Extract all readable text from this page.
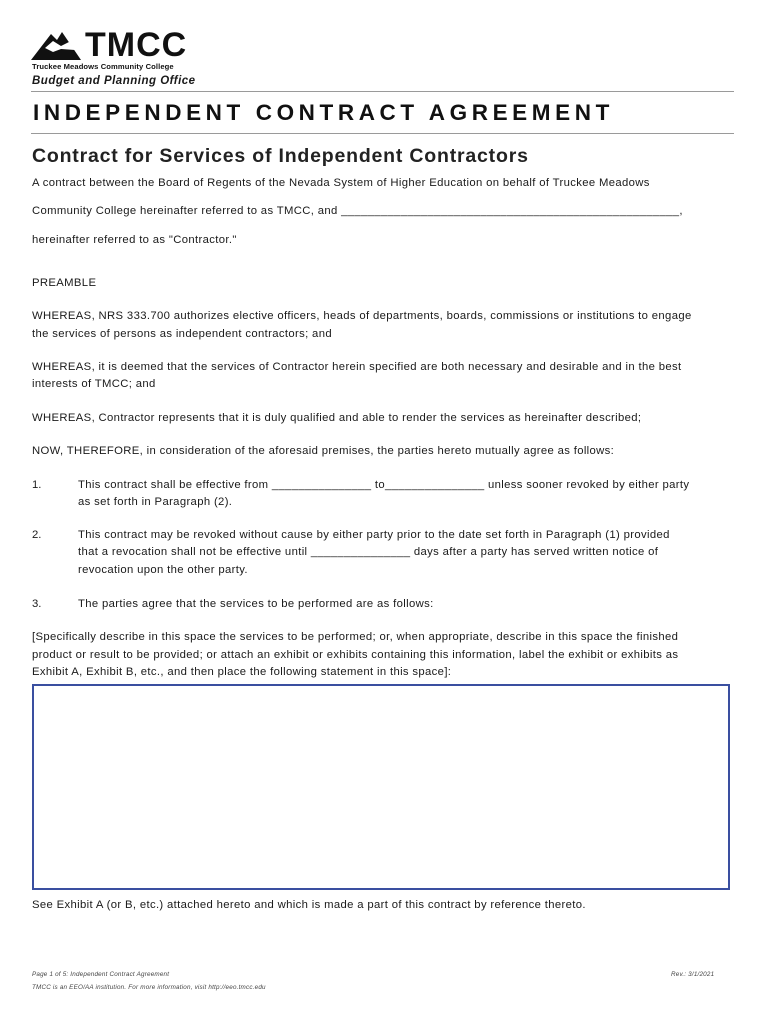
TMCC
Truckee Meadows Community College
Budget and Planning Office
INDEPENDENT CONTRACT AGREEMENT
Contract for Services of Independent Contractors
A contract between the Board of Regents of the Nevada System of Higher Education on behalf of Truckee Meadows
Community College hereinafter referred to as TMCC, and ___________________________________________________,
hereinafter referred to as "Contractor."
PREAMBLE
WHEREAS, NRS 333.700 authorizes elective officers, heads of departments, boards, commissions or institutions to engage
the services of persons as independent contractors; and
WHEREAS, it is deemed that the services of Contractor herein specified are both necessary and desirable and in the best
interests of TMCC; and
WHEREAS, Contractor represents that it is duly qualified and able to render the services as hereinafter described;
NOW, THEREFORE, in consideration of the aforesaid premises, the parties hereto mutually agree as follows:
1.	This contract shall be effective from _______________ to_______________ unless sooner revoked by either party
as set forth in Paragraph (2).
2.	This contract may be revoked without cause by either party prior to the date set forth in Paragraph (1) provided
that a revocation shall not be effective until _______________ days after a party has served written notice of
revocation upon the other party.
3.	The parties agree that the services to be performed are as follows:
[Specifically describe in this space the services to be performed; or, when appropriate, describe in this space the finished
product or result to be provided; or attach an exhibit or exhibits containing this information, label the exhibit or exhibits as
Exhibit A, Exhibit B, etc., and then place the following statement in this space]:
See Exhibit A (or B, etc.) attached hereto and which is made a part of this contract by reference thereto.
Page 1 of 5: Independent Contract Agreement	Rev.: 3/1/2021
TMCC is an EEO/AA institution. For more information, visit http://eeo.tmcc.edu
